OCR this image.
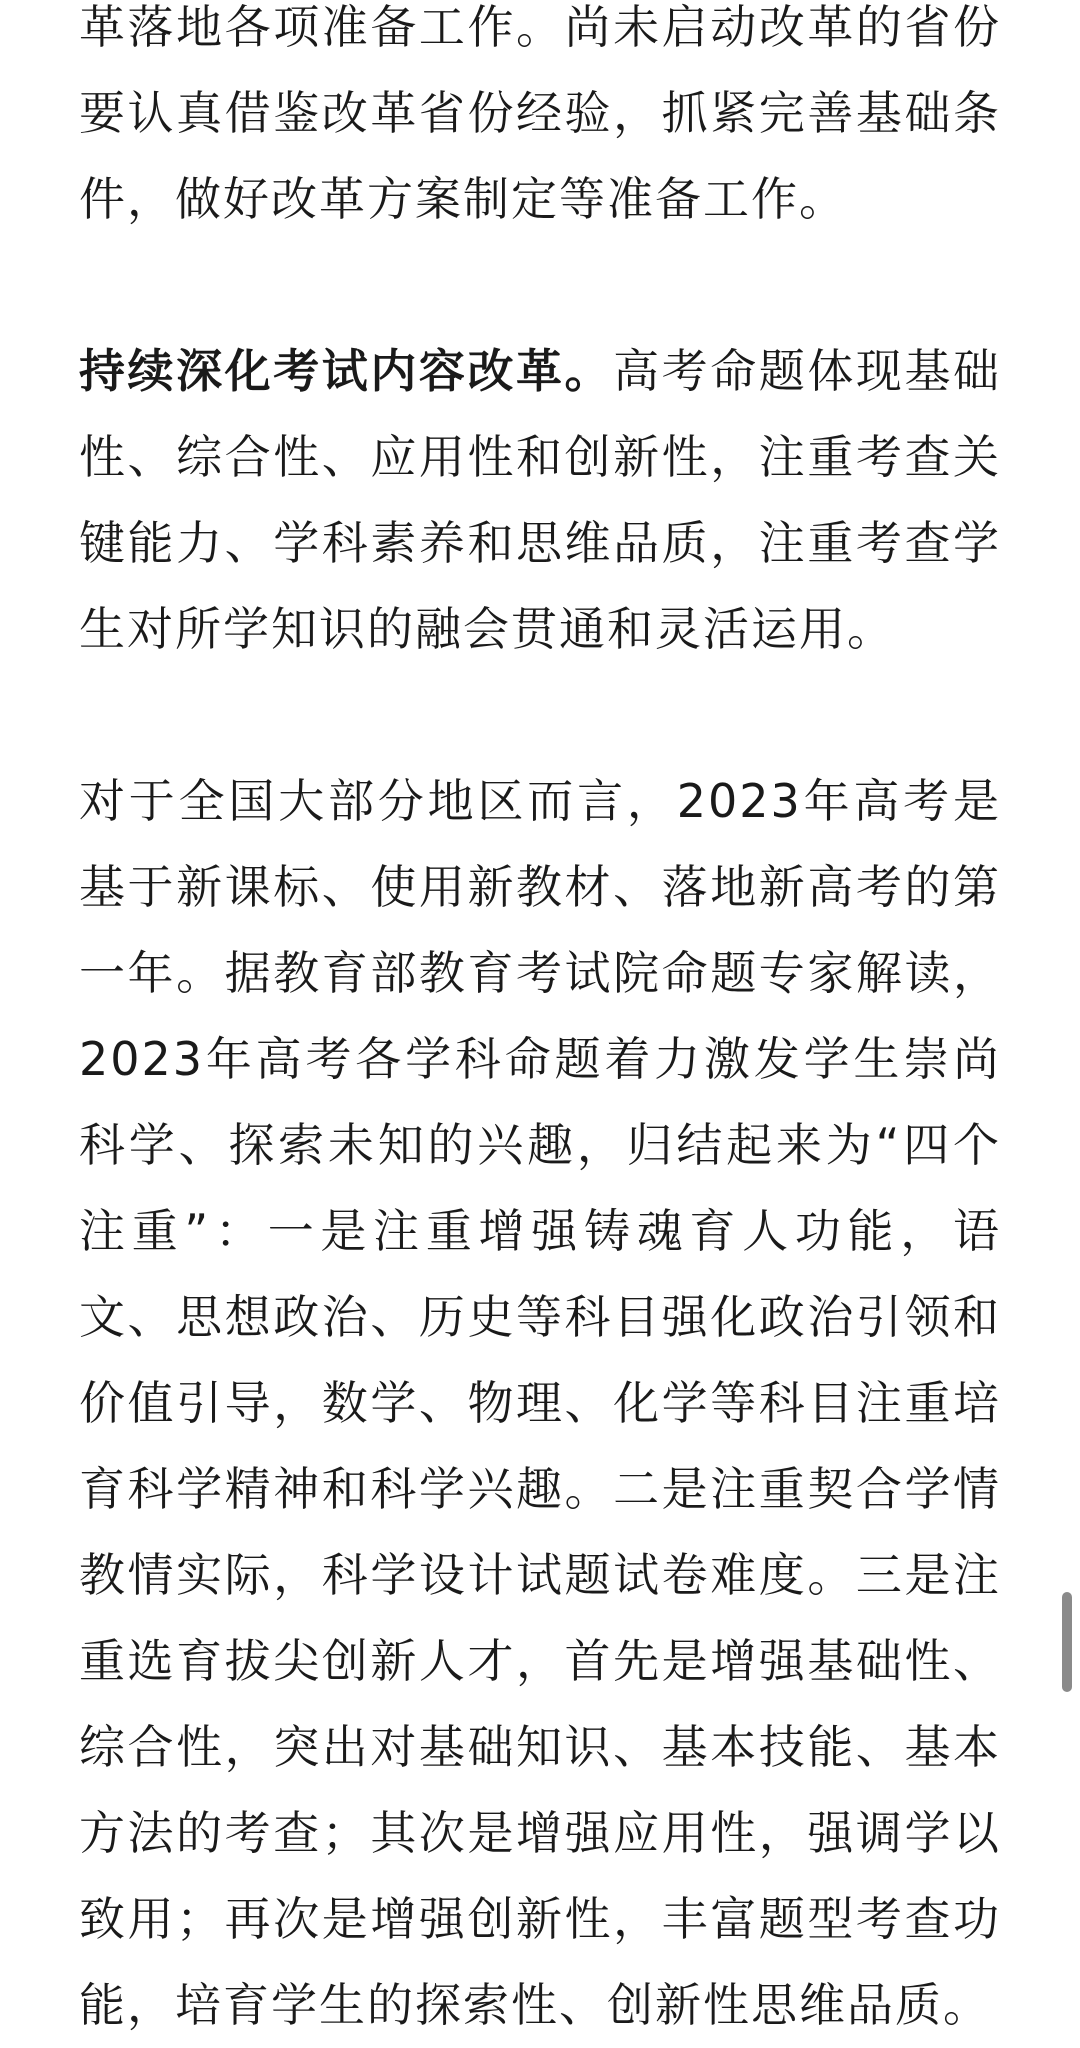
革落地各项准备工作。尚未启动改革的省份要认真借鉴改革省份经验，抓紧完善基础条件，做好改革方案制定等准备工作。

持续深化考试内容改革。高考命题体现基础性、综合性、应用性和创新性，注重考查关键能力、学科素养和思维品质，注重考查学生对所学知识的融会贯通和灵活运用。

对于全国大部分地区而言，2023年高考是基于新课标、使用新教材、落地新高考的第一年。据教育部教育考试院命题专家解读，2023年高考各学科命题着力激发学生崇尚科学、探索未知的兴趣，归结起来为“四个注重”：一是注重增强铸魂育人功能，语文、思想政治、历史等科目强化政治引领和价值引导，数学、物理、化学等科目注重培育科学精神和科学兴趣。二是注重契合学情教情实际，科学设计试题试卷难度。三是注重选育拔尖创新人才，首先是增强基础性、综合性，突出对基础知识、基本技能、基本方法的考查；其次是增强应用性，强调学以致用；再次是增强创新性，丰富题型考查功能，培育学生的探索性、创新性思维品质。
